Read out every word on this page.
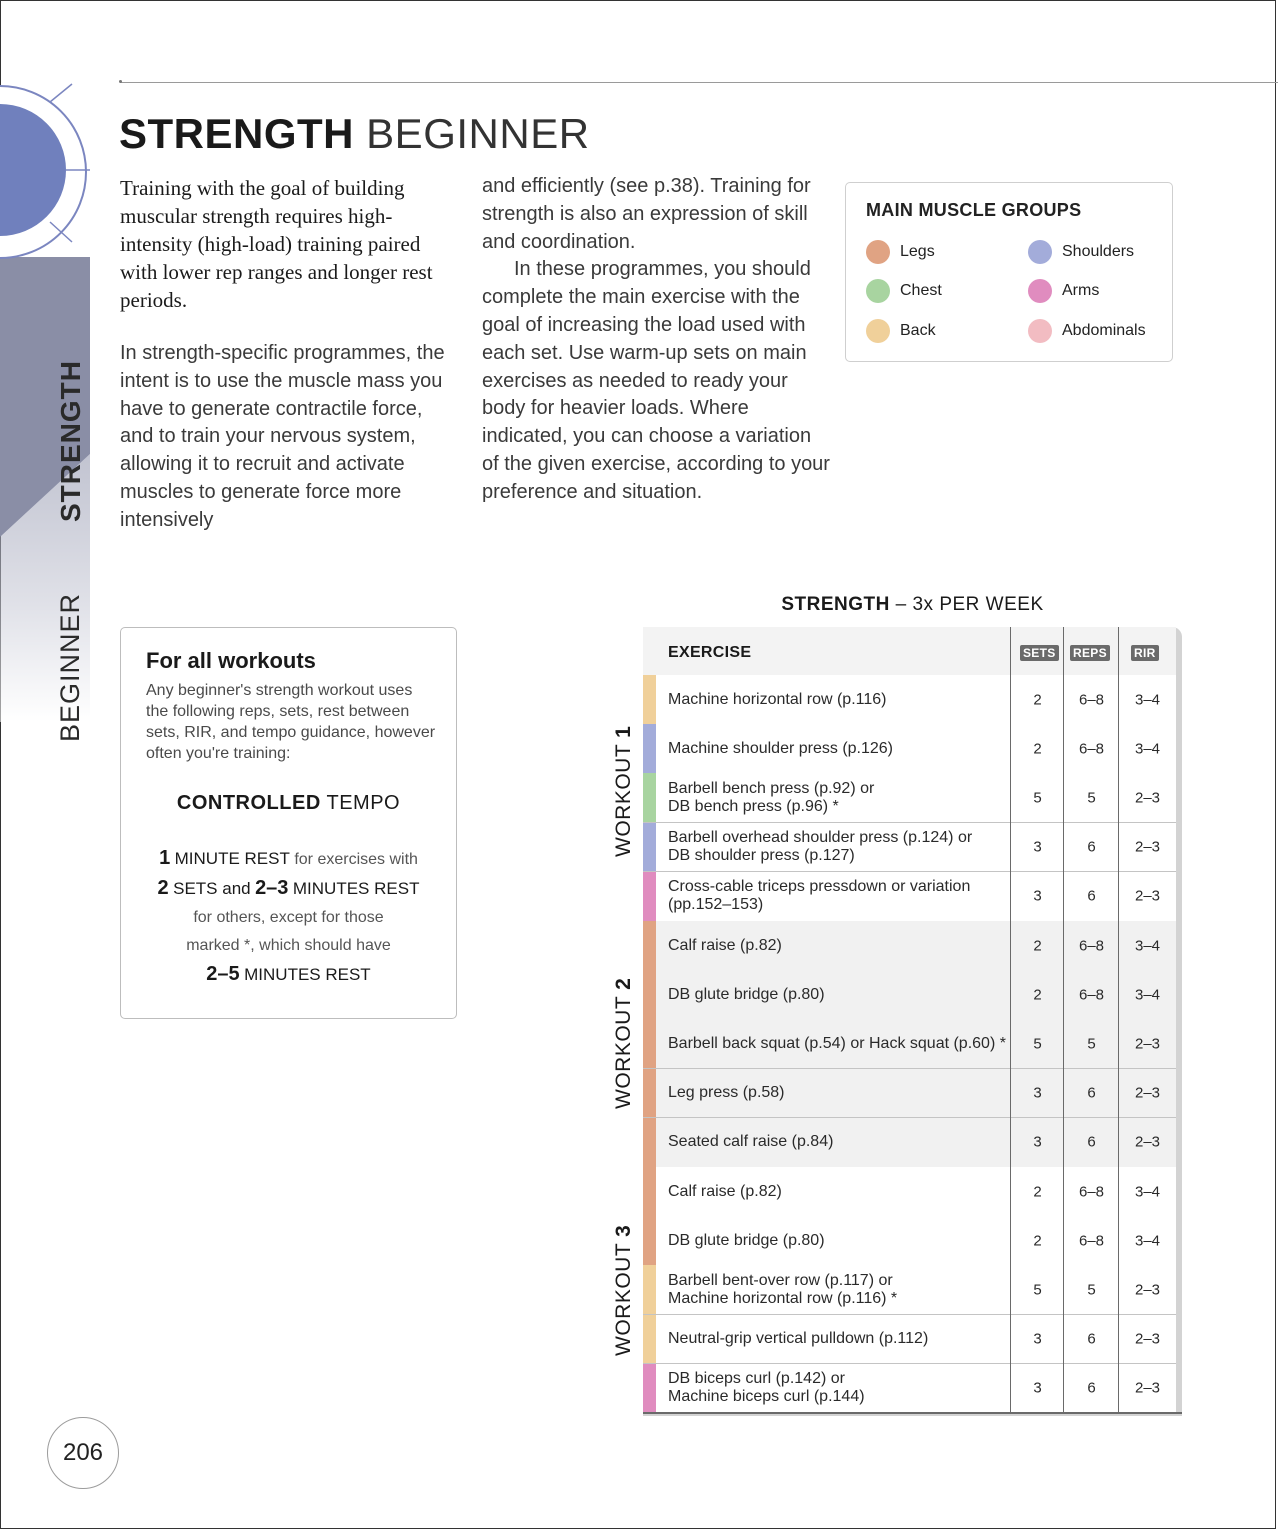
STRENGTH
BEGINNER
STRENGTH BEGINNER
Training with the goal of building muscular strength requires high-intensity (high-load) training paired with lower rep ranges and longer rest periods.

In strength-specific programmes, the intent is to use the muscle mass you have to generate contractile force, and to train your nervous system, allowing it to recruit and activate muscles to generate force more intensively

and efficiently (see p.38). Training for strength is also an expression of skill and coordination.

In these programmes, you should complete the main exercise with the goal of increasing the load used with each set. Use warm-up sets on main exercises as needed to ready your body for heavier loads. Where indicated, you can choose a variation of the given exercise, according to your preference and situation.

MAIN MUSCLE GROUPS
Legs	Shoulders
Chest	Arms
Back	Abdominals
For all workouts
Any beginner's strength workout uses the following reps, sets, rest between sets, RIR, and tempo guidance, however often you're training:
CONTROLLED TEMPO
1 MINUTE REST for exercises with
2 SETS and 2–3 MINUTES REST
for others, except for those
marked *, which should have
2–5 MINUTES REST
STRENGTH – 3x PER WEEK
WORKOUT 1
WORKOUT 2
WORKOUT 3
EXERCISE	SETS REPS RIR
Machine horizontal row (p.116)	2	6–8	3–4
Machine shoulder press (p.126)	2	6–8	3–4
Barbell bench press (p.92) or
DB bench press (p.96) *	5	5	2–3
Barbell overhead shoulder press (p.124) or
DB shoulder press (p.127)	3	6	2–3
Cross-cable triceps pressdown or variation
(pp.152–153)	3	6	2–3
Calf raise (p.82)	2	6–8	3–4
DB glute bridge (p.80)	2	6–8	3–4
Barbell back squat (p.54) or Hack squat (p.60) *	5	5	2–3
Leg press (p.58)	3	6	2–3
Seated calf raise (p.84)	3	6	2–3
Calf raise (p.82)	2	6–8	3–4
DB glute bridge (p.80)	2	6–8	3–4
Barbell bent-over row (p.117) or
Machine horizontal row (p.116) *	5	5	2–3
Neutral-grip vertical pulldown (p.112)	3	6	2–3
DB biceps curl (p.142) or
Machine biceps curl (p.144)	3	6	2–3
206
